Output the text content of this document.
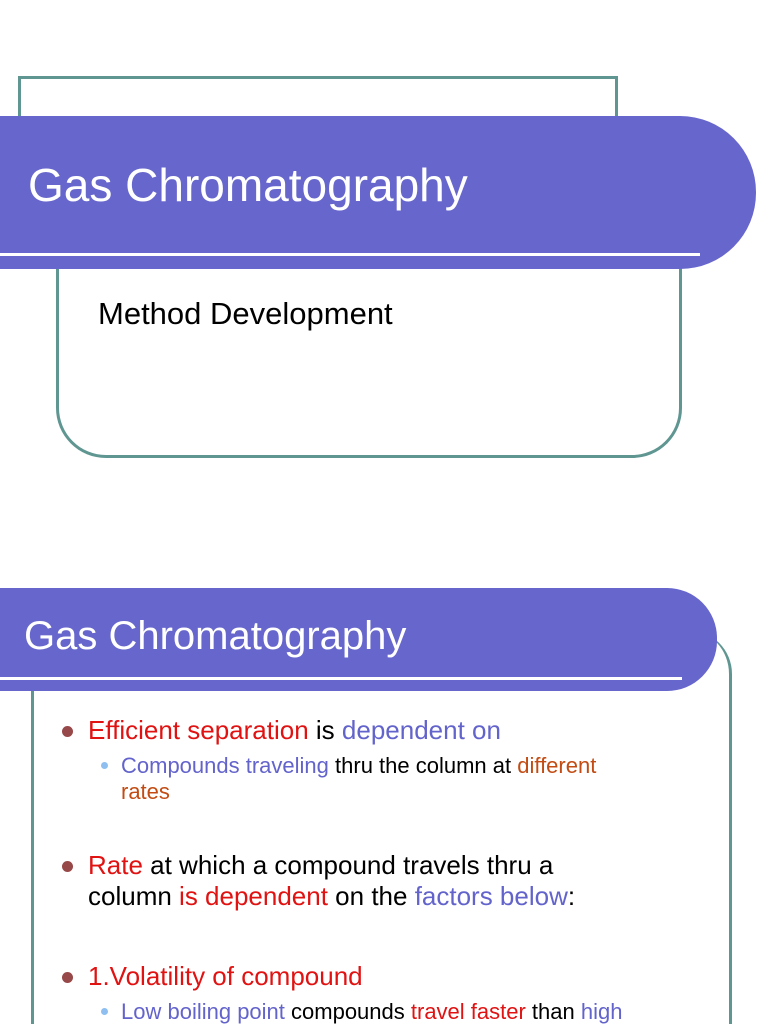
Gas Chromatography
Method Development
Gas Chromatography
Efficient separation is dependent on
Compounds traveling thru the column at different
rates
Rate at which a compound travels thru a
column is dependent on the factors below:
1.Volatility of compound
Low boiling point compounds travel faster than high
